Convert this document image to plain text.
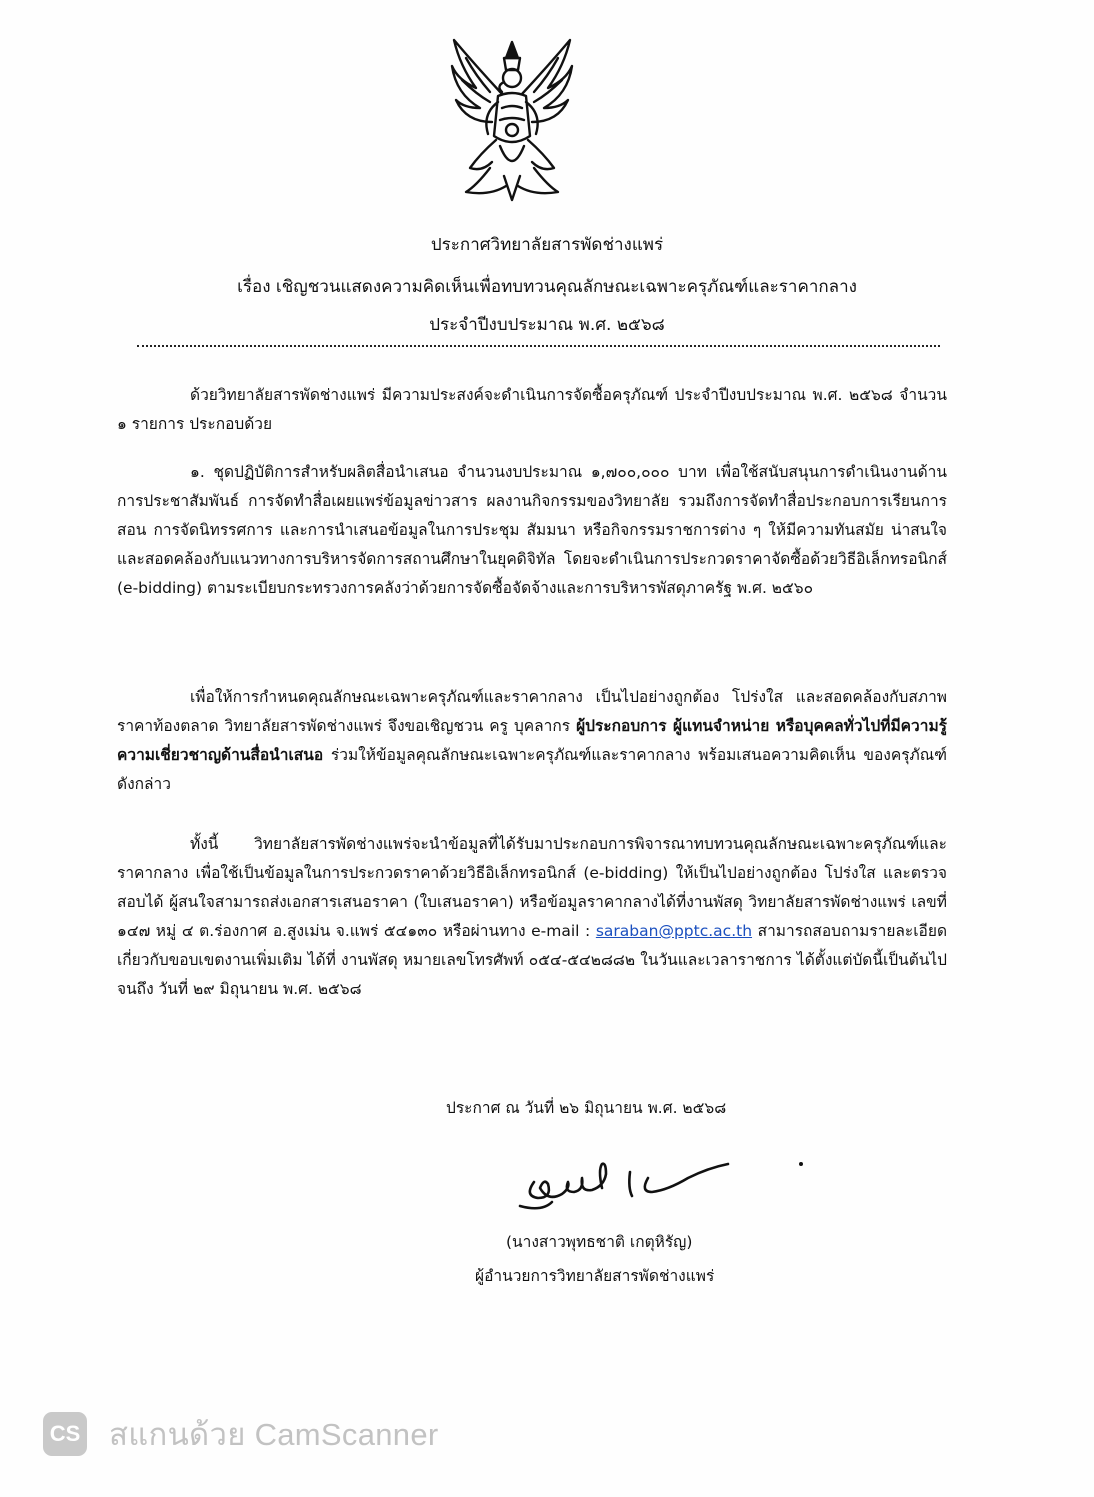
ประกาศวิทยาลัยสารพัดช่างแพร่
เรื่อง เชิญชวนแสดงความคิดเห็นเพื่อทบทวนคุณลักษณะเฉพาะครุภัณฑ์และราคากลาง
ประจำปีงบประมาณ พ.ศ. ๒๕๖๘
ด้วยวิทยาลัยสารพัดช่างแพร่ มีความประสงค์จะดำเนินการจัดซื้อครุภัณฑ์ ประจำปีงบประมาณ พ.ศ. ๒๕๖๘ จำนวน ๑ รายการ ประกอบด้วย
๑. ชุดปฏิบัติการสำหรับผลิตสื่อนำเสนอ จำนวนงบประมาณ ๑,๗๐๐,๐๐๐ บาท เพื่อใช้สนับสนุนการดำเนินงานด้านการประชาสัมพันธ์ การจัดทำสื่อเผยแพร่ข้อมูลข่าวสาร ผลงานกิจกรรมของวิทยาลัย รวมถึงการจัดทำสื่อประกอบการเรียนการสอน การจัดนิทรรศการ และการนำเสนอข้อมูลในการประชุม สัมมนา หรือกิจกรรมราชการต่าง ๆ ให้มีความทันสมัย น่าสนใจ และสอดคล้องกับแนวทางการบริหารจัดการสถานศึกษาในยุคดิจิทัล โดยจะดำเนินการประกวดราคาจัดซื้อด้วยวิธีอิเล็กทรอนิกส์ (e-bidding) ตามระเบียบกระทรวงการคลังว่าด้วยการจัดซื้อจัดจ้างและการบริหารพัสดุภาครัฐ พ.ศ. ๒๕๖๐
เพื่อให้การกำหนดคุณลักษณะเฉพาะครุภัณฑ์และราคากลาง เป็นไปอย่างถูกต้อง โปร่งใส และสอดคล้องกับสภาพราคาท้องตลาด วิทยาลัยสารพัดช่างแพร่ จึงขอเชิญชวน ครู บุคลากร ผู้ประกอบการ ผู้แทนจำหน่าย หรือบุคคลทั่วไปที่มีความรู้ความเชี่ยวชาญด้านสื่อนำเสนอ ร่วมให้ข้อมูลคุณลักษณะเฉพาะครุภัณฑ์และราคากลาง พร้อมเสนอความคิดเห็น ของครุภัณฑ์ดังกล่าว
ทั้งนี้ วิทยาลัยสารพัดช่างแพร่จะนำข้อมูลที่ได้รับมาประกอบการพิจารณาทบทวนคุณลักษณะเฉพาะครุภัณฑ์และราคากลาง เพื่อใช้เป็นข้อมูลในการประกวดราคาด้วยวิธีอิเล็กทรอนิกส์ (e-bidding) ให้เป็นไปอย่างถูกต้อง โปร่งใส และตรวจสอบได้ ผู้สนใจสามารถส่งเอกสารเสนอราคา (ใบเสนอราคา) หรือข้อมูลราคากลางได้ที่งานพัสดุ วิทยาลัยสารพัดช่างแพร่ เลขที่ ๑๔๗ หมู่ ๔ ต.ร่องกาศ อ.สูงเม่น จ.แพร่ ๕๔๑๓๐ หรือผ่านทาง e-mail : saraban@pptc.ac.th สามารถสอบถามรายละเอียดเกี่ยวกับขอบเขตงานเพิ่มเติม ได้ที่ งานพัสดุ หมายเลขโทรศัพท์ ๐๕๔-๕๔๒๘๘๒ ในวันและเวลาราชการ ได้ตั้งแต่บัดนี้เป็นต้นไป จนถึง วันที่ ๒๙ มิถุนายน พ.ศ. ๒๕๖๘
ประกาศ ณ วันที่ ๒๖ มิถุนายน พ.ศ. ๒๕๖๘
(นางสาวพุทธชาติ เกตุหิรัญ)
ผู้อำนวยการวิทยาลัยสารพัดช่างแพร่
CS สแกนด้วย CamScanner
